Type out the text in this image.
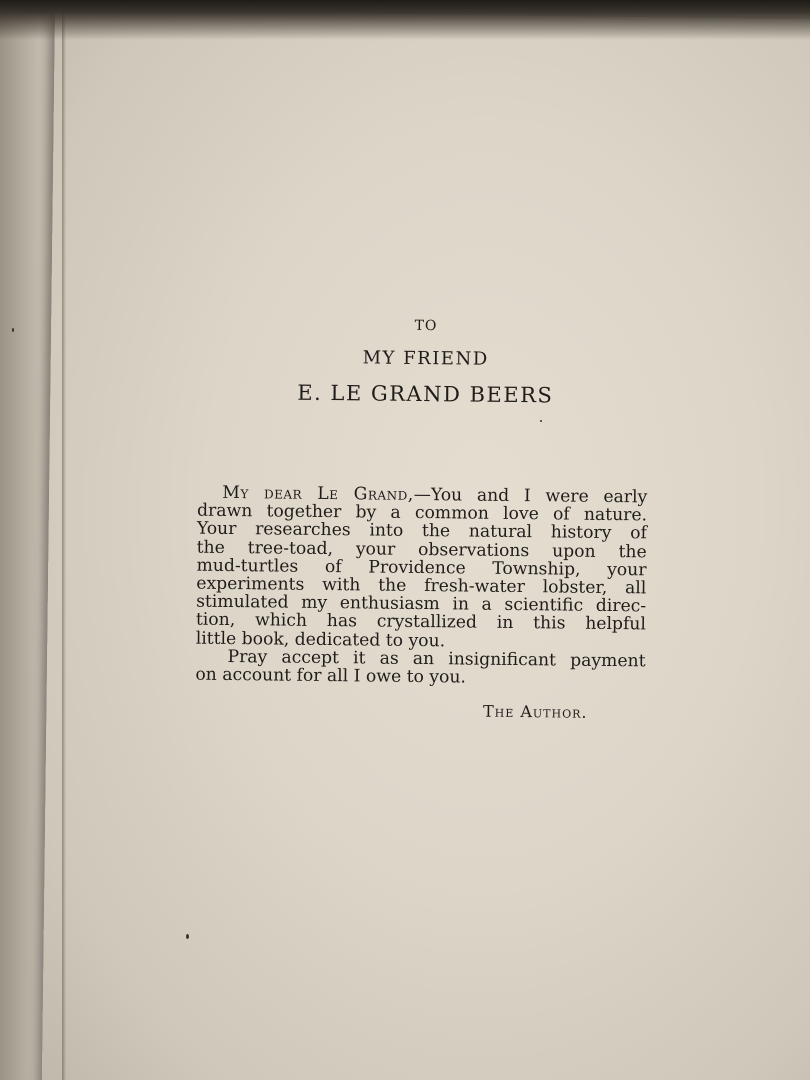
TO
MY FRIEND
E. LE GRAND BEERS
My dear Le Grand,—You and I were early
drawn together by a common love of nature.
Your researches into the natural history of
the tree-toad, your observations upon the
mud-turtles of Providence Township, your
experiments with the fresh-water lobster, all
stimulated my enthusiasm in a scientific direc-
tion, which has crystallized in this helpful
little book, dedicated to you.
Pray accept it as an insignificant payment
on account for all I owe to you.
The Author.
